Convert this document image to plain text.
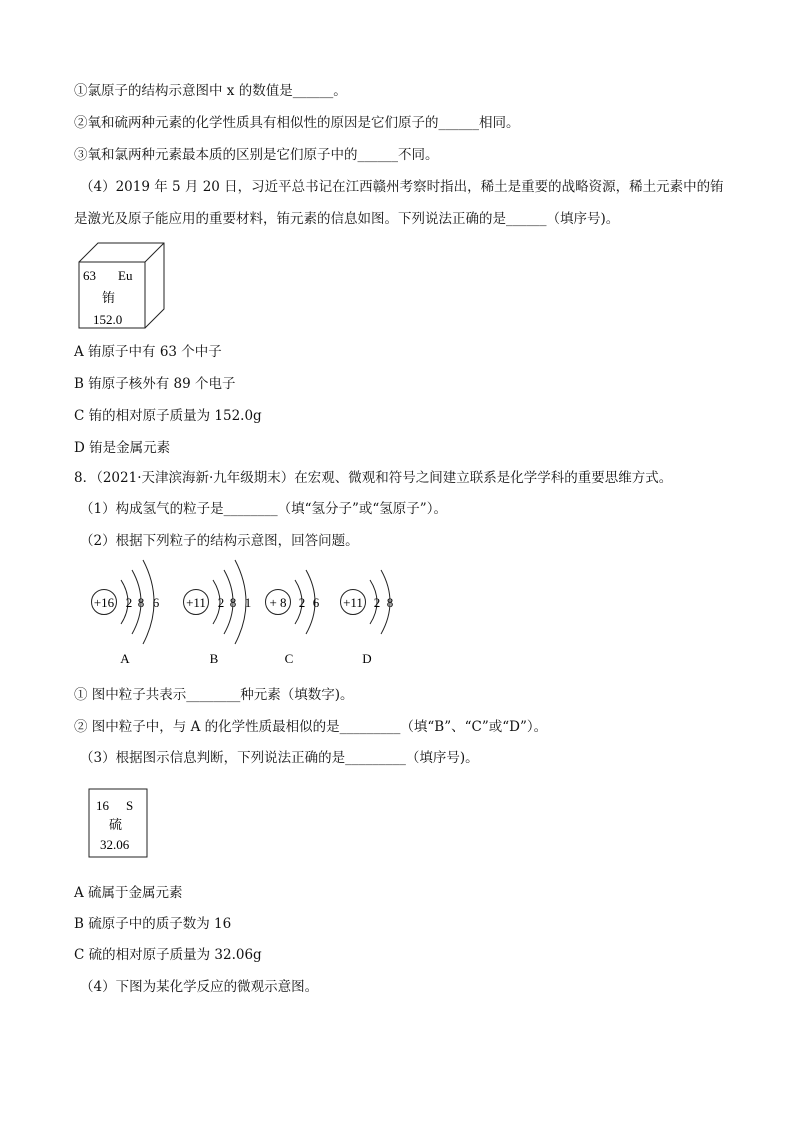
①氯原子的结构示意图中 x 的数值是______。
②氧和硫两种元素的化学性质具有相似性的原因是它们原子的______相同。
③氧和氯两种元素最本质的区别是它们原子中的______不同。
（4）2019 年 5 月 20 日，习近平总书记在江西赣州考察时指出，稀土是重要的战略资源，稀土元素中的铕
是激光及原子能应用的重要材料，铕元素的信息如图。下列说法正确的是______（填序号)。
63 Eu
铕
152.0
A 铕原子中有 63 个中子
B 铕原子核外有 89 个电子
C 铕的相对原子质量为 152.0g
D 铕是金属元素
8．（2021·天津滨海新·九年级期末）在宏观、微观和符号之间建立联系是化学学科的重要思维方式。
（1）构成氢气的粒子是________（填“氢分子”或“氢原子”）。
（2）根据下列粒子的结构示意图，回答问题。
+16 2 8 6
A
+11 2 8 1
B
+ 8 2 6
C
+11 2 8
D
① 图中粒子共表示________种元素（填数字)。
② 图中粒子中，与 A 的化学性质最相似的是_________（填“B”、“C”或“D”）。
（3）根据图示信息判断，下列说法正确的是_________（填序号)。
16 S
硫
32.06
A 硫属于金属元素
B 硫原子中的质子数为 16
C 硫的相对原子质量为 32.06g
（4）下图为某化学反应的微观示意图。
